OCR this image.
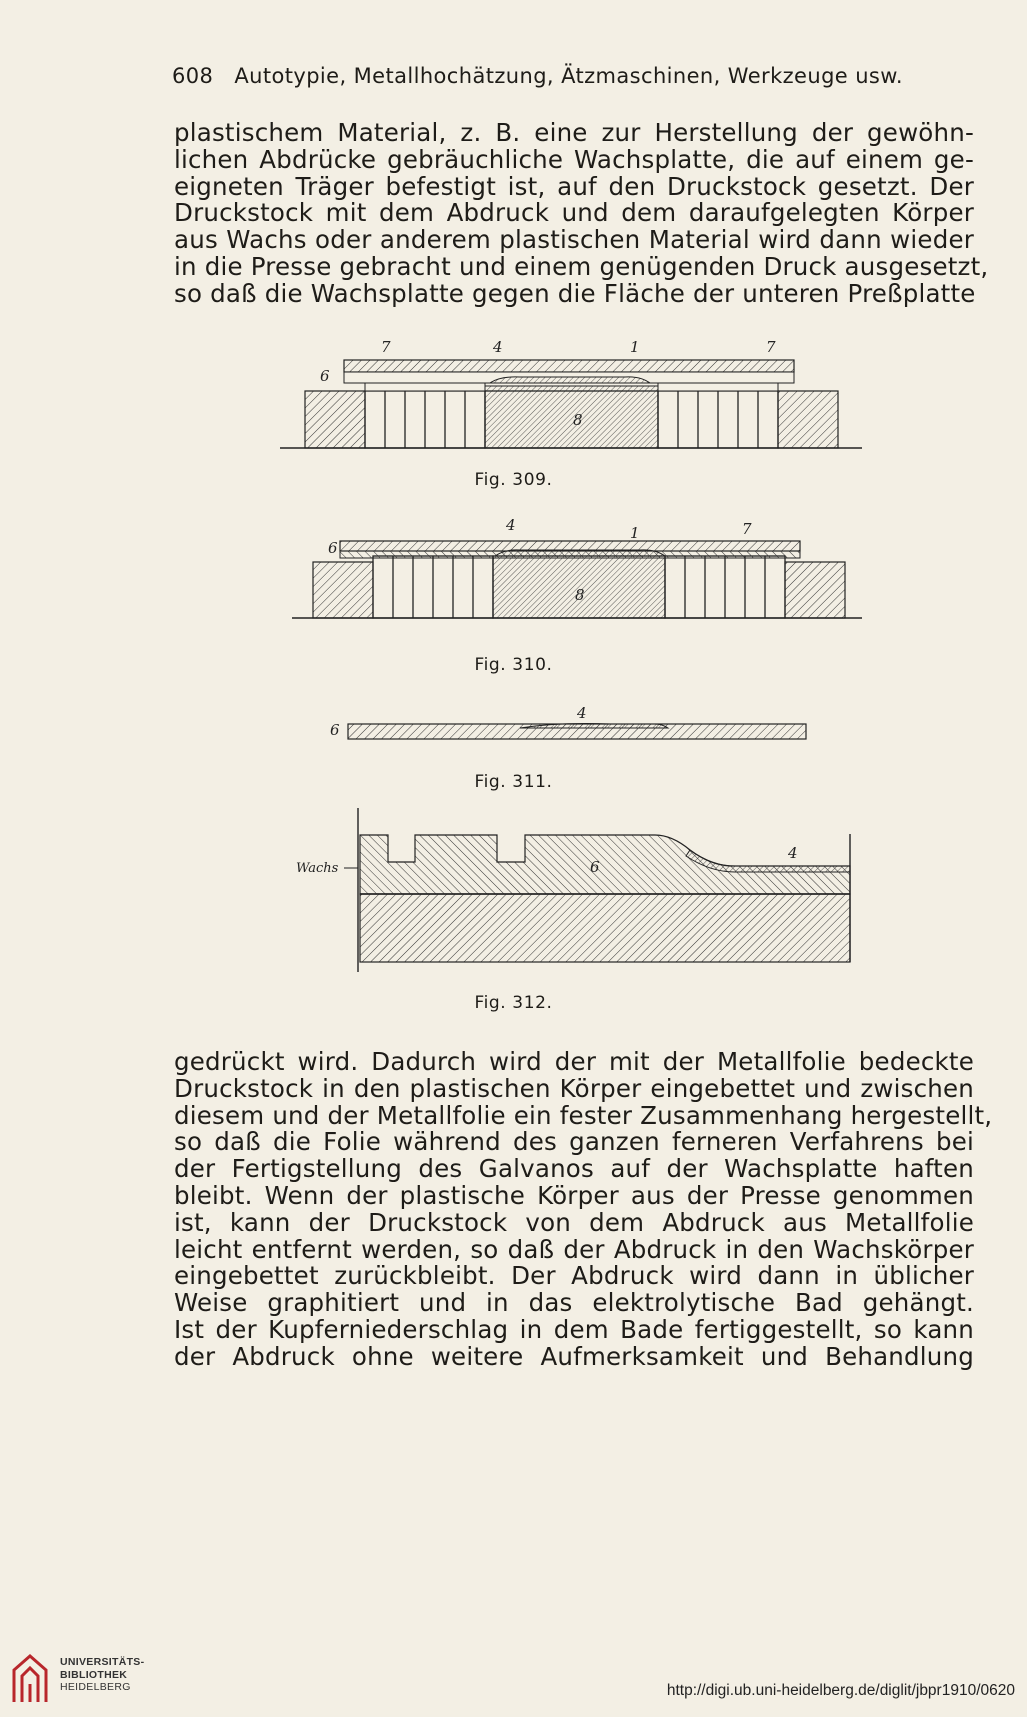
608 Autotypie, Metallhochätzung, Ätzmaschinen, Werkzeuge usw.
plastischem Material, z. B. eine zur Herstellung der gewöhn-
lichen Abdrücke gebräuchliche Wachsplatte, die auf einem ge-
eigneten Träger befestigt ist, auf den Druckstock gesetzt. Der
Druckstock mit dem Abdruck und dem daraufgelegten Körper
aus Wachs oder anderem plastischen Material wird dann wieder
in die Presse gebracht und einem genügenden Druck ausgesetzt,
so daß die Wachsplatte gegen die Fläche der unteren Preßplatte
6
7	4	1	7
8
6
4	1	7
8
6
4
Wachs	6
4
Fig. 309.
Fig. 310.
Fig. 311.
Fig. 312.
gedrückt wird. Dadurch wird der mit der Metallfolie bedeckte
Druckstock in den plastischen Körper eingebettet und zwischen
diesem und der Metallfolie ein fester Zusammenhang hergestellt,
so daß die Folie während des ganzen ferneren Verfahrens bei
der Fertigstellung des Galvanos auf der Wachsplatte haften
bleibt. Wenn der plastische Körper aus der Presse genommen
ist, kann der Druckstock von dem Abdruck aus Metallfolie
leicht entfernt werden, so daß der Abdruck in den Wachskörper
eingebettet zurückbleibt. Der Abdruck wird dann in üblicher
Weise graphitiert und in das elektrolytische Bad gehängt.
Ist der Kupferniederschlag in dem Bade fertiggestellt, so kann
der Abdruck ohne weitere Aufmerksamkeit und Behandlung
UNIVERSITÄTS-
BIBLIOTHEK
HEIDELBERG	http://digi.ub.uni-heidelberg.de/diglit/jbpr1910/0620
